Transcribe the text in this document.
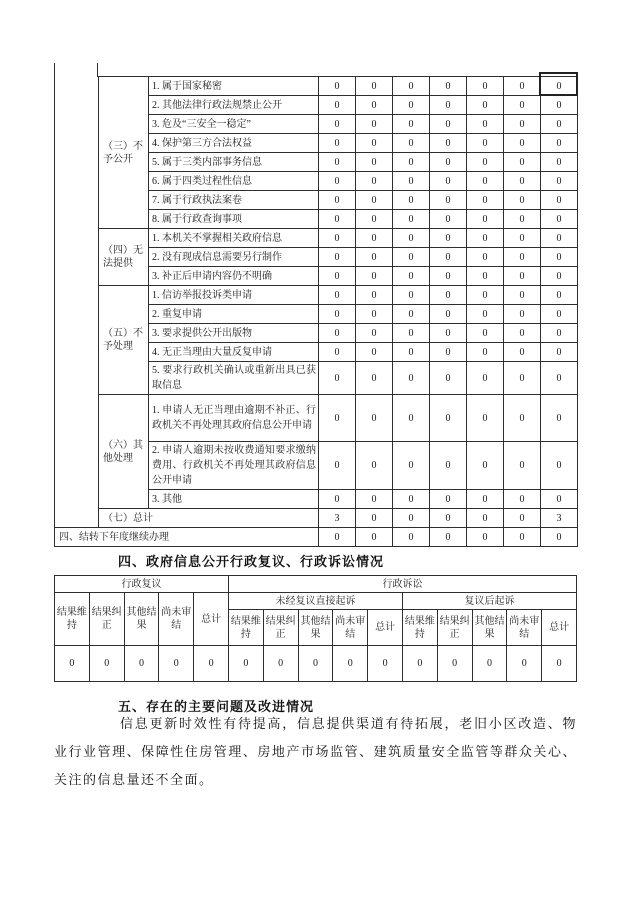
	（三）不予公开	1. 属于国家秘密	0	0	0	0	0	0	0
		2. 其他法律行政法规禁止公开	0	0	0	0	0	0	0
		3. 危及“三安全一稳定”	0	0	0	0	0	0	0
		4. 保护第三方合法权益	0	0	0	0	0	0	0
		5. 属于三类内部事务信息	0	0	0	0	0	0	0
		6. 属于四类过程性信息	0	0	0	0	0	0	0
		7. 属于行政执法案卷	0	0	0	0	0	0	0
		8. 属于行政查询事项	0	0	0	0	0	0	0
	（四）无法提供	1. 本机关不掌握相关政府信息	0	0	0	0	0	0	0
		2. 没有现成信息需要另行制作	0	0	0	0	0	0	0
		3. 补正后申请内容仍不明确	0	0	0	0	0	0	0
	（五）不予处理	1. 信访举报投诉类申请	0	0	0	0	0	0	0
		2. 重复申请	0	0	0	0	0	0	0
		3. 要求提供公开出版物	0	0	0	0	0	0	0
		4. 无正当理由大量反复申请	0	0	0	0	0	0	0
		5. 要求行政机关确认或重新出具已获取信息	0	0	0	0	0	0	0
	（六）其他处理	1. 申请人无正当理由逾期不补正、行政机关不再处理其政府信息公开申请	0	0	0	0	0	0	0
		2. 申请人逾期未按收费通知要求缴纳费用、行政机关不再处理其政府信息公开申请	0	0	0	0	0	0	0
		3. 其他	0	0	0	0	0	0	0
	（七）总计		3	0	0	0	0	0	3
四、结转下年度继续办理			0	0	0	0	0	0	0
四、政府信息公开行政复议、行政诉讼情况
行政复议					行政诉讼									
结果维持	结果纠正	其他结果	尚未审结	总计	未经复议直接起诉					复议后起诉				
					结果维持	结果纠正	其他结果	尚未审结	总计	结果维持	结果纠正	其他结果	尚未审结	总计
0	0	0	0	0	0	0	0	0	0	0	0	0	0	0
五、存在的主要问题及改进情况

信息更新时效性有待提高，信息提供渠道有待拓展，老旧小区改造、物业行业管理、保障性住房管理、房地产市场监管、建筑质量安全监管等群众关心、关注的信息量还不全面。
